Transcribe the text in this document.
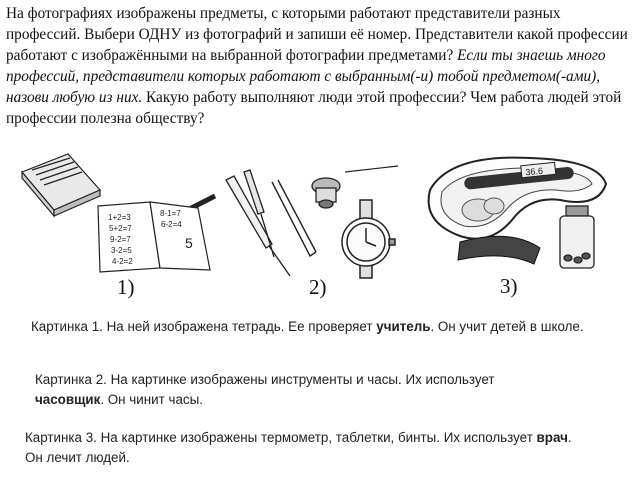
На фотографиях изображены предметы, с которыми работают представители разных профессий. Выбери ОДНУ из фотографий и запиши её номер. Представители какой профессии работают с изображёнными на выбранной фотографии предметами? Если ты знаешь много профессий, представители которых работают с выбранным(-и) тобой предметом(-ами), назови любую из них. Какую работу выполняют люди этой профессии? Чем работа людей этой профессии полезна обществу?
1+2=3
5+2=7
9-2=7
3-2=5
4-2=2
8-1=7
6-2=4
5
36.6
1)	2)	3)
Картинка 1. На ней изображена тетрадь. Ее проверяет учитель. Он учит детей в школе.
Картинка 2. На картинке изображены инструменты и часы. Их использует часовщик. Он чинит часы.
Картинка 3. На картинке изображены термометр, таблетки, бинты. Их использует врач. Он лечит людей.
